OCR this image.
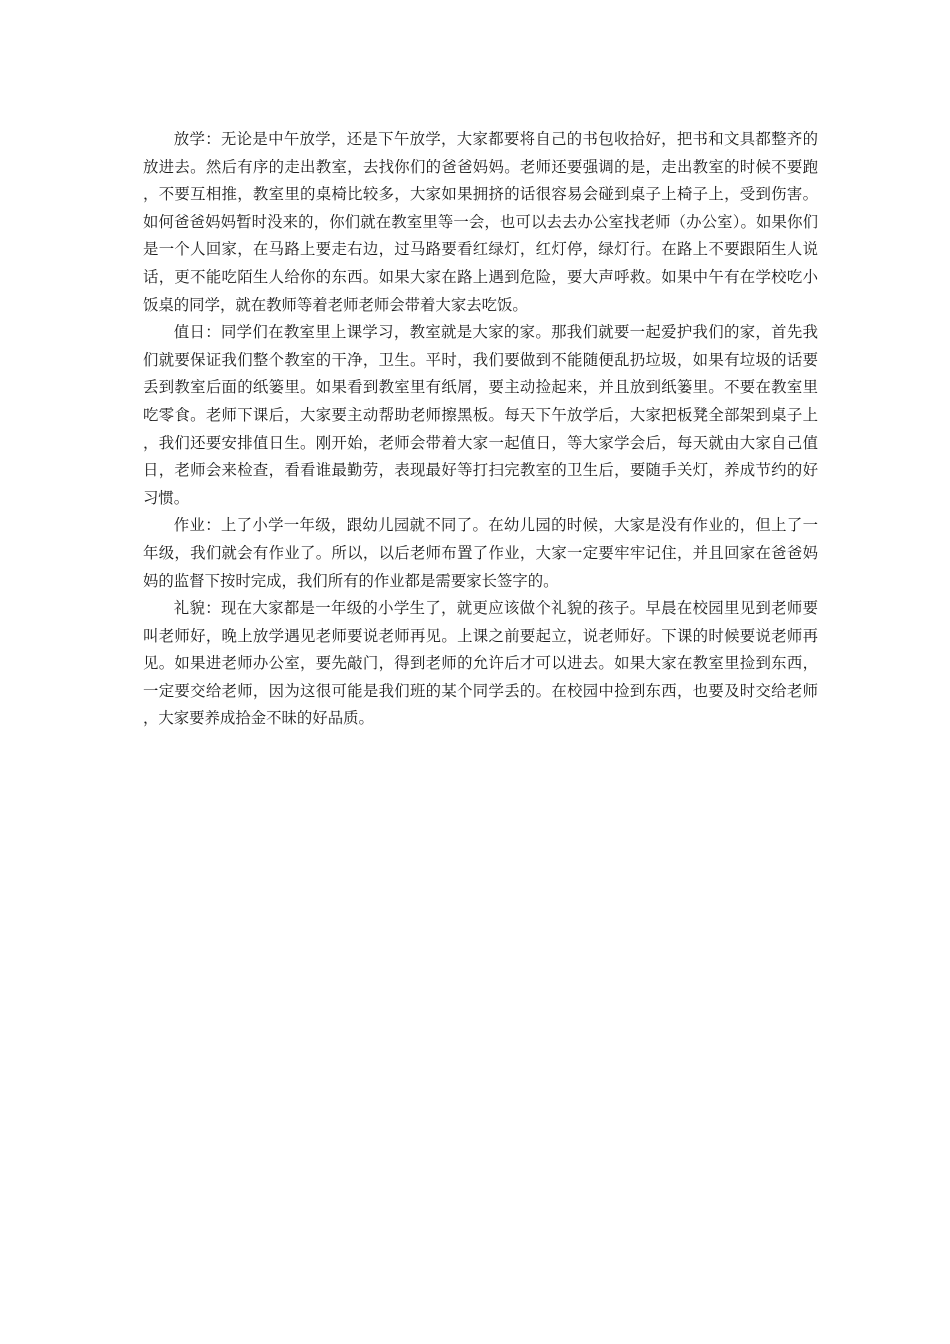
放学：无论是中午放学，还是下午放学，大家都要将自己的书包收拾好，把书和文具都整齐的放进去。然后有序的走出教室，去找你们的爸爸妈妈。老师还要强调的是，走出教室的时候不要跑，不要互相推，教室里的桌椅比较多，大家如果拥挤的话很容易会碰到桌子上椅子上，受到伤害。如何爸爸妈妈暂时没来的，你们就在教室里等一会，也可以去去办公室找老师（办公室）。如果你们是一个人回家，在马路上要走右边，过马路要看红绿灯，红灯停，绿灯行。在路上不要跟陌生人说话，更不能吃陌生人给你的东西。如果大家在路上遇到危险，要大声呼救。如果中午有在学校吃小饭桌的同学，就在教师等着老师老师会带着大家去吃饭。

值日：同学们在教室里上课学习，教室就是大家的家。那我们就要一起爱护我们的家，首先我们就要保证我们整个教室的干净，卫生。平时，我们要做到不能随便乱扔垃圾，如果有垃圾的话要丢到教室后面的纸篓里。如果看到教室里有纸屑，要主动捡起来，并且放到纸篓里。不要在教室里吃零食。老师下课后，大家要主动帮助老师擦黑板。每天下午放学后，大家把板凳全部架到桌子上，我们还要安排值日生。刚开始，老师会带着大家一起值日，等大家学会后，每天就由大家自己值日，老师会来检查，看看谁最勤劳，表现最好等打扫完教室的卫生后，要随手关灯，养成节约的好习惯。

作业：上了小学一年级，跟幼儿园就不同了。在幼儿园的时候，大家是没有作业的，但上了一年级，我们就会有作业了。所以，以后老师布置了作业，大家一定要牢牢记住，并且回家在爸爸妈妈的监督下按时完成，我们所有的作业都是需要家长签字的。

礼貌：现在大家都是一年级的小学生了，就更应该做个礼貌的孩子。早晨在校园里见到老师要叫老师好，晚上放学遇见老师要说老师再见。上课之前要起立，说老师好。下课的时候要说老师再见。如果进老师办公室，要先敲门，得到老师的允许后才可以进去。如果大家在教室里捡到东西，一定要交给老师，因为这很可能是我们班的某个同学丢的。在校园中捡到东西，也要及时交给老师，大家要养成拾金不昧的好品质。
